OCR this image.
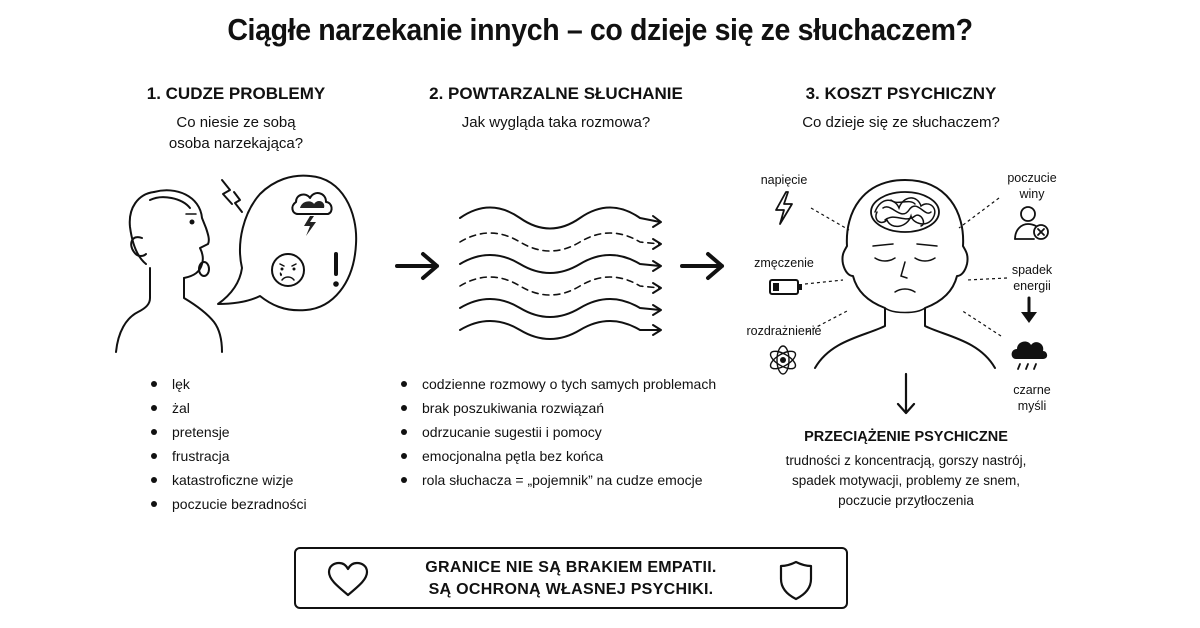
Ciągłe narzekanie innych – co dzieje się ze słuchaczem?
1. CUDZE PROBLEMY
Co niesie ze sobą
osoba narzekająca?
2. POWTARZALNE SŁUCHANIE
Jak wygląda taka rozmowa?
3. KOSZT PSYCHICZNY
Co dzieje się ze słuchaczem?
lęk
żal
pretensje
frustracja
katastroficzne wizje
poczucie bezradności
codzienne rozmowy o tych samych problemach
brak poszukiwania rozwiązań
odrzucanie sugestii i pomocy
emocjonalna pętla bez końca
rola słuchacza = „pojemnik” na cudze emocje
napięcie
zmęczenie
rozdrażnienie
poczucie
winy
spadek
energii
czarne
myśli
PRZECIĄŻENIE PSYCHICZNE
trudności z koncentracją, gorszy nastrój,
spadek motywacji, problemy ze snem,
poczucie przytłoczenia
GRANICE NIE SĄ BRAKIEM EMPATII.
SĄ OCHRONĄ WŁASNEJ PSYCHIKI.
